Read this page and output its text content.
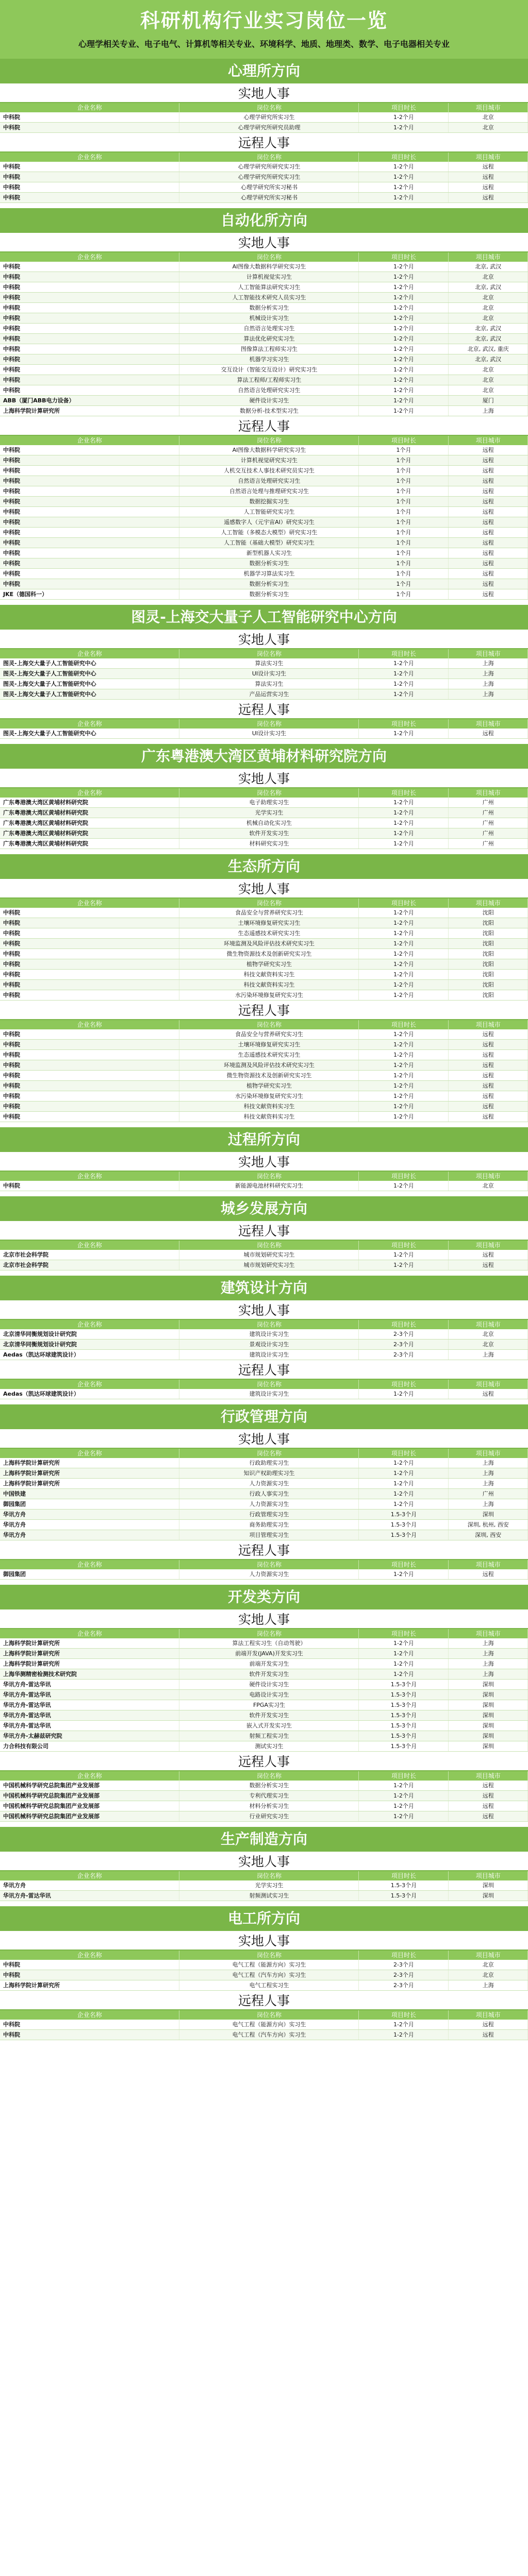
科研机构行业实习岗位一览
心理学相关专业、电子电气、计算机等相关专业、环境科学、地质、地理类、数学、电子电器相关专业
心理所方向
实地人事
企业名称	岗位名称	项目时长	项目城市
中科院	心理学研究所实习生	1-2个月	北京
中科院	心理学研究所研究员助理	1-2个月	北京
远程人事
企业名称	岗位名称	项目时长	项目城市
中科院	心理学研究所研究实习生	1-2个月	远程
中科院	心理学研究所研究实习生	1-2个月	远程
中科院	心理学研究所实习秘书	1-2个月	远程
中科院	心理学研究所实习秘书	1-2个月	远程
自动化所方向
实地人事
企业名称	岗位名称	项目时长	项目城市
中科院	AI图像大数据科学研究实习生	1-2个月	北京, 武汉
中科院	计算机视觉实习生	1-2个月	北京
中科院	人工智能算法研究实习生	1-2个月	北京, 武汉
中科院	人工智能技术研究人员实习生	1-2个月	北京
中科院	数据分析实习生	1-2个月	北京
中科院	机械设计实习生	1-2个月	北京
中科院	自然语言处理实习生	1-2个月	北京, 武汉
中科院	算法优化研究实习生	1-2个月	北京, 武汉
中科院	图像算法工程师实习生	1-2个月	北京, 武汉, 重庆
中科院	机器学习实习生	1-2个月	北京, 武汉
中科院	交互设计（智能交互设计）研究实习生	1-2个月	北京
中科院	算法工程师/工程师实习生	1-2个月	北京
中科院	自然语言处理研究实习生	1-2个月	北京
ABB（厦门ABB电力设备）	硬件设计实习生	1-2个月	厦门
上海科学院计算研究所	数据分析-技术型实习生	1-2个月	上海
远程人事
企业名称	岗位名称	项目时长	项目城市
中科院	AI图像大数据科学研究实习生	1个月	远程
中科院	计算机视觉研究实习生	1个月	远程
中科院	人机交互技术人事技术研究员实习生	1个月	远程
中科院	自然语言处理研究实习生	1个月	远程
中科院	自然语言处理与推理研究实习生	1个月	远程
中科院	数据挖掘实习生	1个月	远程
中科院	人工智能研究实习生	1个月	远程
中科院	遥感数字人（元宇宙AI）研究实习生	1个月	远程
中科院	人工智能（多模态大模型）研究实习生	1个月	远程
中科院	人工智能（基础大模型）研究实习生	1个月	远程
中科院	新型机器人实习生	1个月	远程
中科院	数据分析实习生	1个月	远程
中科院	机器学习算法实习生	1个月	远程
中科院	数据分析实习生	1个月	远程
JKE（德国科一）	数据分析实习生	1个月	远程
图灵-上海交大量子人工智能研究中心方向
实地人事
企业名称	岗位名称	项目时长	项目城市
图灵-上海交大量子人工智能研究中心	算法实习生	1-2个月	上海
图灵-上海交大量子人工智能研究中心	UI设计实习生	1-2个月	上海
图灵-上海交大量子人工智能研究中心	算法实习生	1-2个月	上海
图灵-上海交大量子人工智能研究中心	产品运营实习生	1-2个月	上海
远程人事
企业名称	岗位名称	项目时长	项目城市
图灵-上海交大量子人工智能研究中心	UI设计实习生	1-2个月	远程
广东粤港澳大湾区黄埔材料研究院方向
实地人事
企业名称	岗位名称	项目时长	项目城市
广东粤港澳大湾区黄埔材料研究院	电子助理实习生	1-2个月	广州
广东粤港澳大湾区黄埔材料研究院	光学实习生	1-2个月	广州
广东粤港澳大湾区黄埔材料研究院	机械自动化实习生	1-2个月	广州
广东粤港澳大湾区黄埔材料研究院	软件开发实习生	1-2个月	广州
广东粤港澳大湾区黄埔材料研究院	材料研究实习生	1-2个月	广州
生态所方向
实地人事
企业名称	岗位名称	项目时长	项目城市
中科院	食品安全与营养研究实习生	1-2个月	沈阳
中科院	土壤环境修复研究实习生	1-2个月	沈阳
中科院	生态遥感技术研究实习生	1-2个月	沈阳
中科院	环境监测及风险评估技术研究实习生	1-2个月	沈阳
中科院	微生物资源技术及创新研究实习生	1-2个月	沈阳
中科院	植物学研究实习生	1-2个月	沈阳
中科院	科技文献资料实习生	1-2个月	沈阳
中科院	科技文献资料实习生	1-2个月	沈阳
中科院	水污染环境修复研究实习生	1-2个月	沈阳
远程人事
企业名称	岗位名称	项目时长	项目城市
中科院	食品安全与营养研究实习生	1-2个月	远程
中科院	土壤环境修复研究实习生	1-2个月	远程
中科院	生态遥感技术研究实习生	1-2个月	远程
中科院	环境监测及风险评估技术研究实习生	1-2个月	远程
中科院	微生物资源技术及创新研究实习生	1-2个月	远程
中科院	植物学研究实习生	1-2个月	远程
中科院	水污染环境修复研究实习生	1-2个月	远程
中科院	科技文献资料实习生	1-2个月	远程
中科院	科技文献资料实习生	1-2个月	远程
过程所方向
实地人事
企业名称	岗位名称	项目时长	项目城市
中科院	新能源电池材料研究实习生	1-2个月	北京
城乡发展方向
远程人事
企业名称	岗位名称	项目时长	项目城市
北京市社会科学院	城市规划研究实习生	1-2个月	远程
北京市社会科学院	城市规划研究实习生	1-2个月	远程
建筑设计方向
实地人事
企业名称	岗位名称	项目时长	项目城市
北京清华同衡规划设计研究院	建筑设计实习生	2-3个月	北京
北京清华同衡规划设计研究院	景观设计实习生	2-3个月	北京
Aedas（凯达环球建筑设计）	建筑设计实习生	2-3个月	上海
远程人事
企业名称	岗位名称	项目时长	项目城市
Aedas（凯达环球建筑设计）	建筑设计实习生	1-2个月	远程
行政管理方向
实地人事
企业名称	岗位名称	项目时长	项目城市
上海科学院计算研究所	行政助理实习生	1-2个月	上海
上海科学院计算研究所	知识产权助理实习生	1-2个月	上海
上海科学院计算研究所	人力资源实习生	1-2个月	上海
中国铁建	行政人事实习生	1-2个月	广州
御园集团	人力资源实习生	1-2个月	上海
华讯方舟	行政管理实习生	1.5-3个月	深圳
华讯方舟	商务助理实习生	1.5-3个月	深圳, 杭州, 西安
华讯方舟	项目管理实习生	1.5-3个月	深圳, 西安
远程人事
企业名称	岗位名称	项目时长	项目城市
御园集团	人力资源实习生	1-2个月	远程
开发类方向
实地人事
企业名称	岗位名称	项目时长	项目城市
上海科学院计算研究所	算法工程实习生（自动驾驶）	1-2个月	上海
上海科学院计算研究所	前端开发(JAVA)开发实习生	1-2个月	上海
上海科学院计算研究所	前端开发实习生	1-2个月	上海
上海华测精密检测技术研究院	软件开发实习生	1-2个月	上海
华讯方舟-雷达华讯	硬件设计实习生	1.5-3个月	深圳
华讯方舟-雷达华讯	电路设计实习生	1.5-3个月	深圳
华讯方舟-雷达华讯	FPGA实习生	1.5-3个月	深圳
华讯方舟-雷达华讯	软件开发实习生	1.5-3个月	深圳
华讯方舟-雷达华讯	嵌入式开发实习生	1.5-3个月	深圳
华讯方舟-太赫兹研究院	射频工程实习生	1.5-3个月	深圳
力合科技有限公司	测试实习生	1.5-3个月	深圳
远程人事
企业名称	岗位名称	项目时长	项目城市
中国机械科学研究总院集团产业发展部	数据分析实习生	1-2个月	远程
中国机械科学研究总院集团产业发展部	专利代理实习生	1-2个月	远程
中国机械科学研究总院集团产业发展部	材料分析实习生	1-2个月	远程
中国机械科学研究总院集团产业发展部	行业研究实习生	1-2个月	远程
生产制造方向
实地人事
企业名称	岗位名称	项目时长	项目城市
华讯方舟	光学实习生	1.5-3个月	深圳
华讯方舟-雷达华讯	射频测试实习生	1.5-3个月	深圳
电工所方向
实地人事
企业名称	岗位名称	项目时长	项目城市
中科院	电气工程（能源方向）实习生	2-3个月	北京
中科院	电气工程（汽车方向）实习生	2-3个月	北京
上海科学院计算研究所	电气工程实习生	2-3个月	上海
远程人事
企业名称	岗位名称	项目时长	项目城市
中科院	电气工程（能源方向）实习生	1-2个月	远程
中科院	电气工程（汽车方向）实习生	1-2个月	远程
